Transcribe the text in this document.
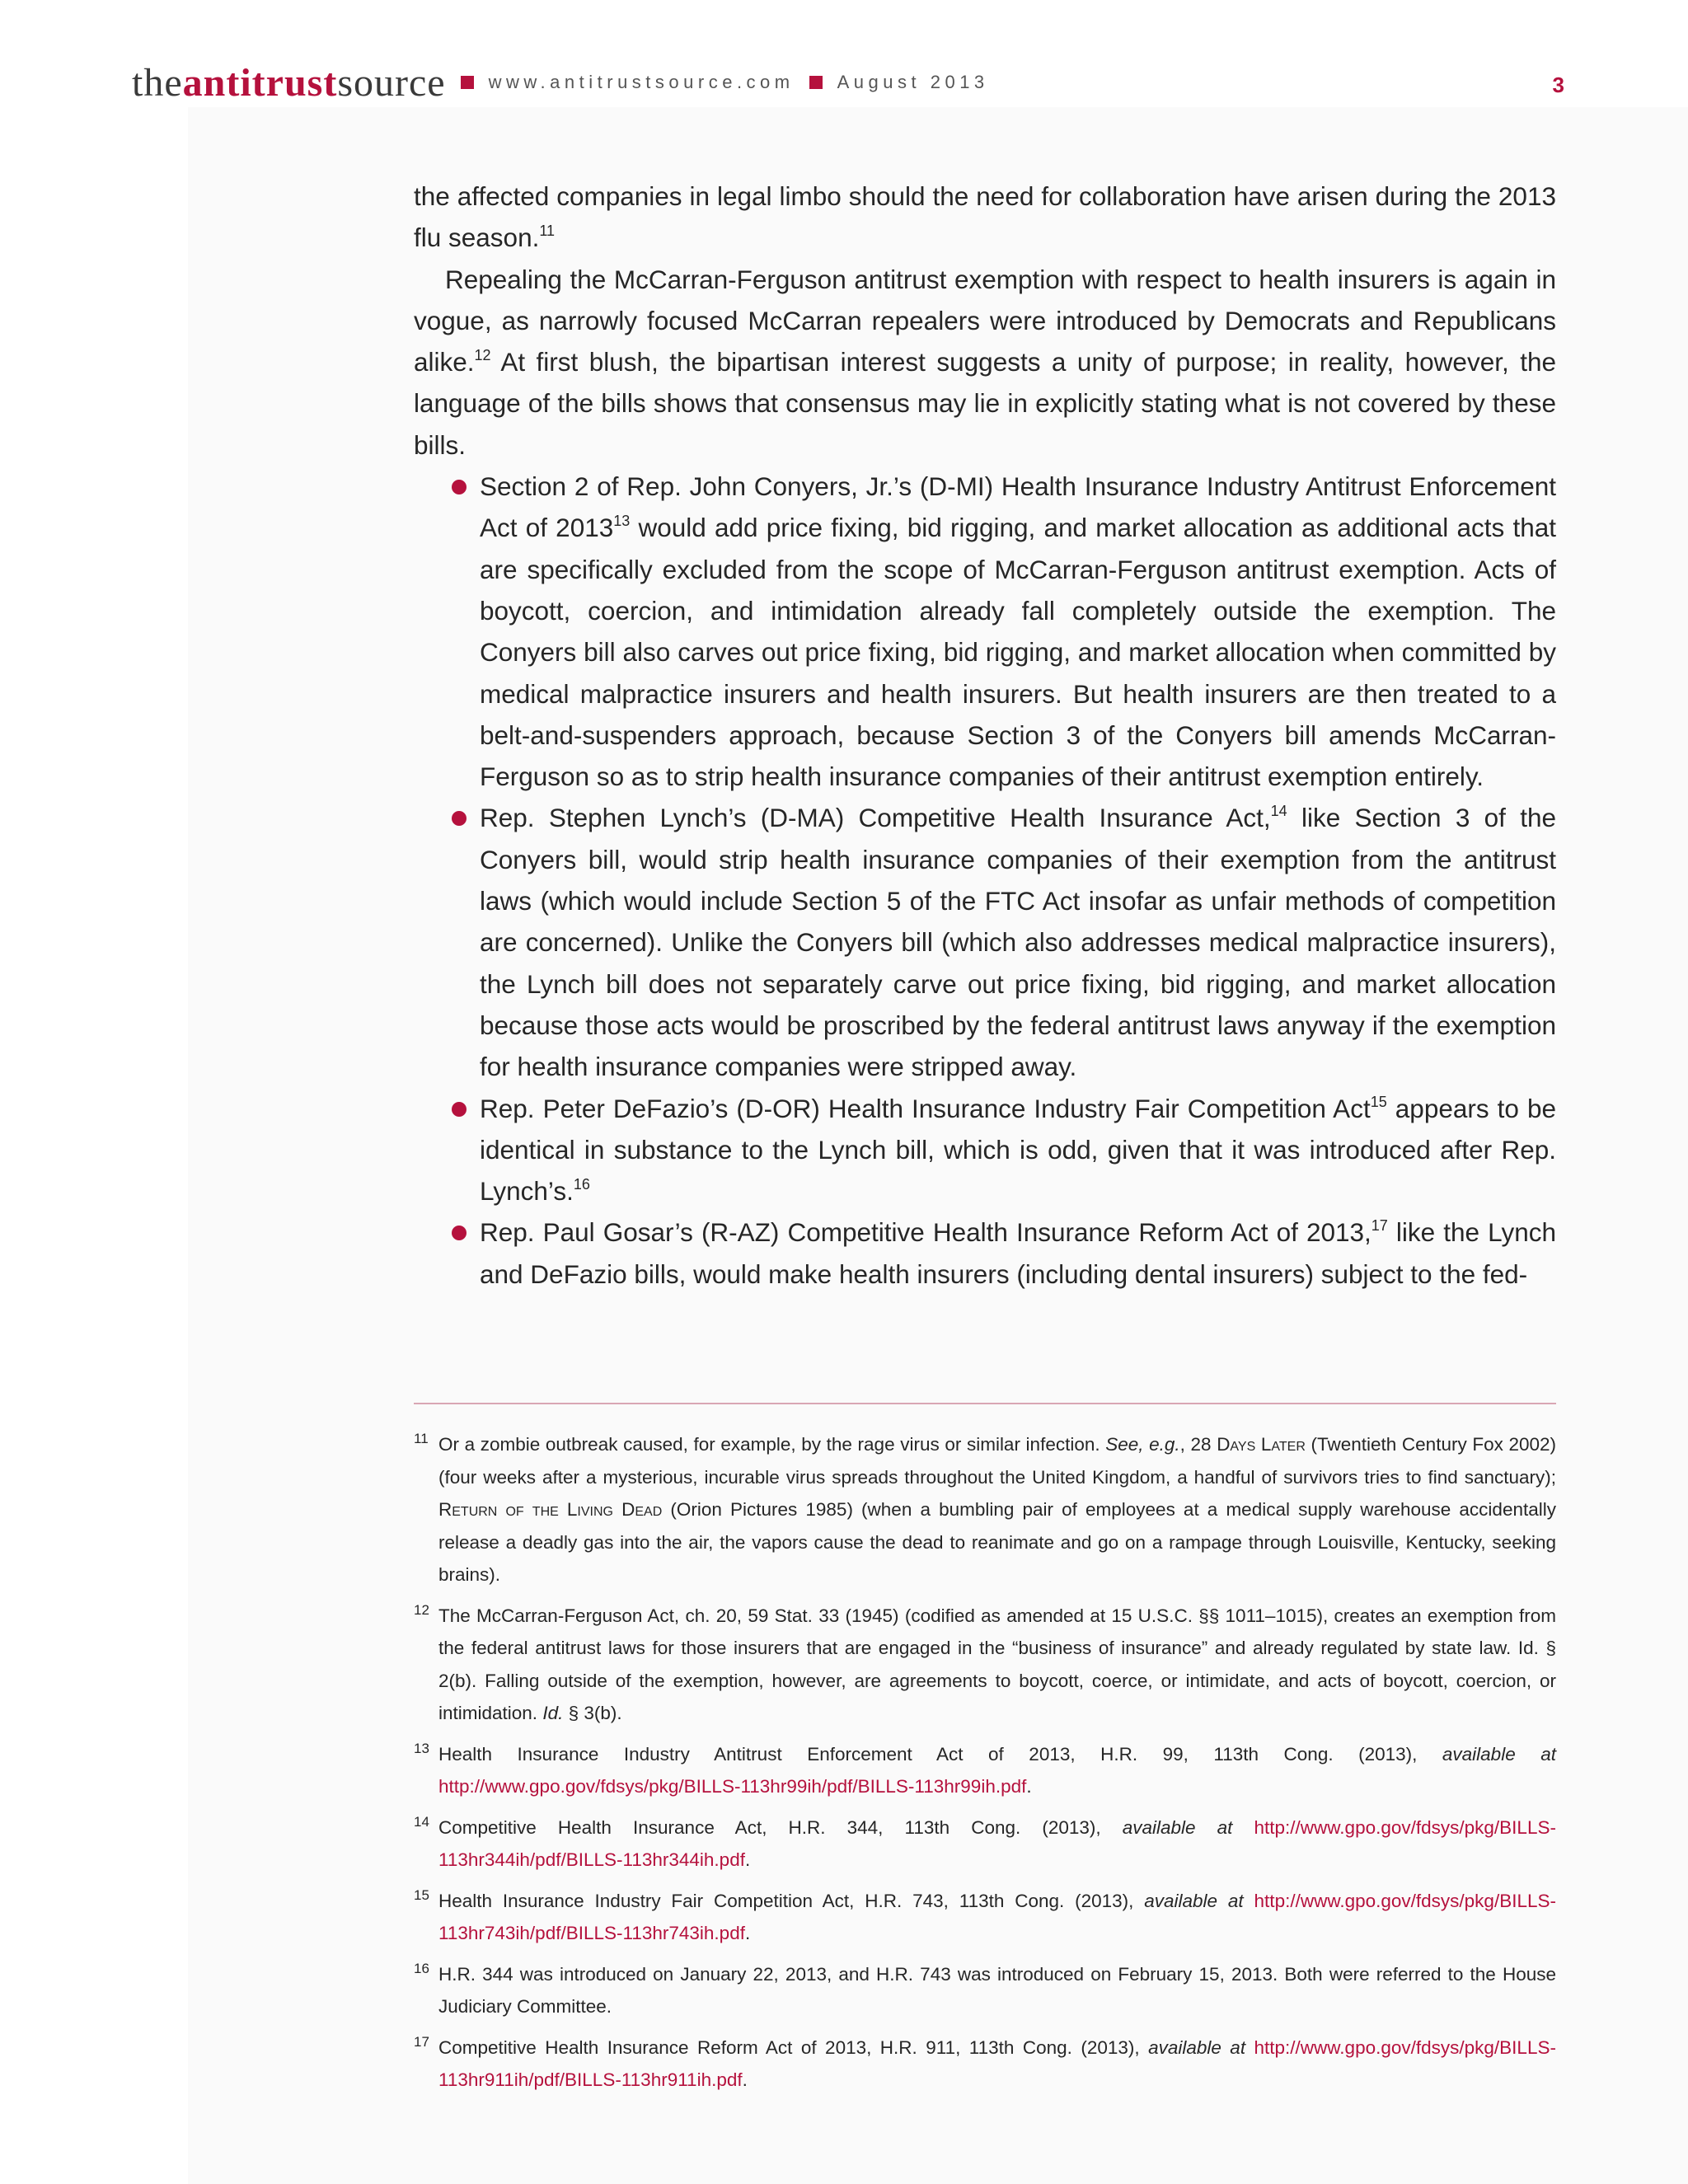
theantitrustsource www.antitrustsource.com August 2013	3

the affected companies in legal limbo should the need for collaboration have arisen during the 2013 flu season.$^{11}$

Repealing the McCarran-Ferguson antitrust exemption with respect to health insurers is again in vogue, as narrowly focused McCarran repealers were introduced by Democrats and Republicans alike.$^{12}$ At first blush, the bipartisan interest suggests a unity of purpose; in reality, however, the language of the bills shows that consensus may lie in explicitly stating what is not covered by these bills.

Section 2 of Rep. John Conyers, Jr.’s (D-MI) Health Insurance Industry Antitrust Enforcement Act of 2013$^{13}$ would add price fixing, bid rigging, and market allocation as additional acts that are specifically excluded from the scope of McCarran-Ferguson antitrust exemption. Acts of boycott, coercion, and intimidation already fall completely outside the exemption. The Conyers bill also carves out price fixing, bid rigging, and market allocation when committed by medical malpractice insurers and health insurers. But health insurers are then treated to a belt-and-suspenders approach, because Section 3 of the Conyers bill amends McCarran-Ferguson so as to strip health insurance companies of their antitrust exemption entirely.
Rep. Stephen Lynch’s (D-MA) Competitive Health Insurance Act,$^{14}$ like Section 3 of the Conyers bill, would strip health insurance companies of their exemption from the antitrust laws (which would include Section 5 of the FTC Act insofar as unfair methods of competition are concerned). Unlike the Conyers bill (which also addresses medical malpractice insurers), the Lynch bill does not separately carve out price fixing, bid rigging, and market allocation because those acts would be proscribed by the federal antitrust laws anyway if the exemption for health insurance companies were stripped away.
Rep. Peter DeFazio’s (D-OR) Health Insurance Industry Fair Competition Act$^{15}$ appears to be identical in substance to the Lynch bill, which is odd, given that it was introduced after Rep. Lynch’s.$^{16}$
Rep. Paul Gosar’s (R-AZ) Competitive Health Insurance Reform Act of 2013,17 like the Lynch and DeFazio bills, would make health insurers (including dental insurers) subject to the fed-
11 Or a zombie outbreak caused, for example, by the rage virus or similar infection. See, e.g., 28 Days Later (Twentieth Century Fox 2002) (four weeks after a mysterious, incurable virus spreads throughout the United Kingdom, a handful of survivors tries to find sanctuary); Return of the Living Dead (Orion Pictures 1985) (when a bumbling pair of employees at a medical supply warehouse accidentally release a deadly gas into the air, the vapors cause the dead to reanimate and go on a rampage through Louisville, Kentucky, seeking brains).
12 The McCarran-Ferguson Act, ch. 20, 59 Stat. 33 (1945) (codified as amended at 15 U.S.C. §§ 1011–1015), creates an exemption from the federal antitrust laws for those insurers that are engaged in the “business of insurance” and already regulated by state law. Id. § 2(b). Falling outside of the exemption, however, are agreements to boycott, coerce, or intimidate, and acts of boycott, coercion, or intimidation. Id. § 3(b).
13 Health Insurance Industry Antitrust Enforcement Act of 2013, H.R. 99, 113th Cong. (2013), available at http://www.gpo.gov/fdsys/pkg/BILLS-113hr99ih/pdf/BILLS-113hr99ih.pdf.
14 Competitive Health Insurance Act, H.R. 344, 113th Cong. (2013), available at http://www.gpo.gov/fdsys/pkg/BILLS-113hr344ih/pdf/BILLS-113hr344ih.pdf.
15 Health Insurance Industry Fair Competition Act, H.R. 743, 113th Cong. (2013), available at http://www.gpo.gov/fdsys/pkg/BILLS-113hr743ih/pdf/BILLS-113hr743ih.pdf.
16 H.R. 344 was introduced on January 22, 2013, and H.R. 743 was introduced on February 15, 2013. Both were referred to the House Judiciary Committee.
17 Competitive Health Insurance Reform Act of 2013, H.R. 911, 113th Cong. (2013), available at http://www.gpo.gov/fdsys/pkg/BILLS-113hr911ih/pdf/BILLS-113hr911ih.pdf.
